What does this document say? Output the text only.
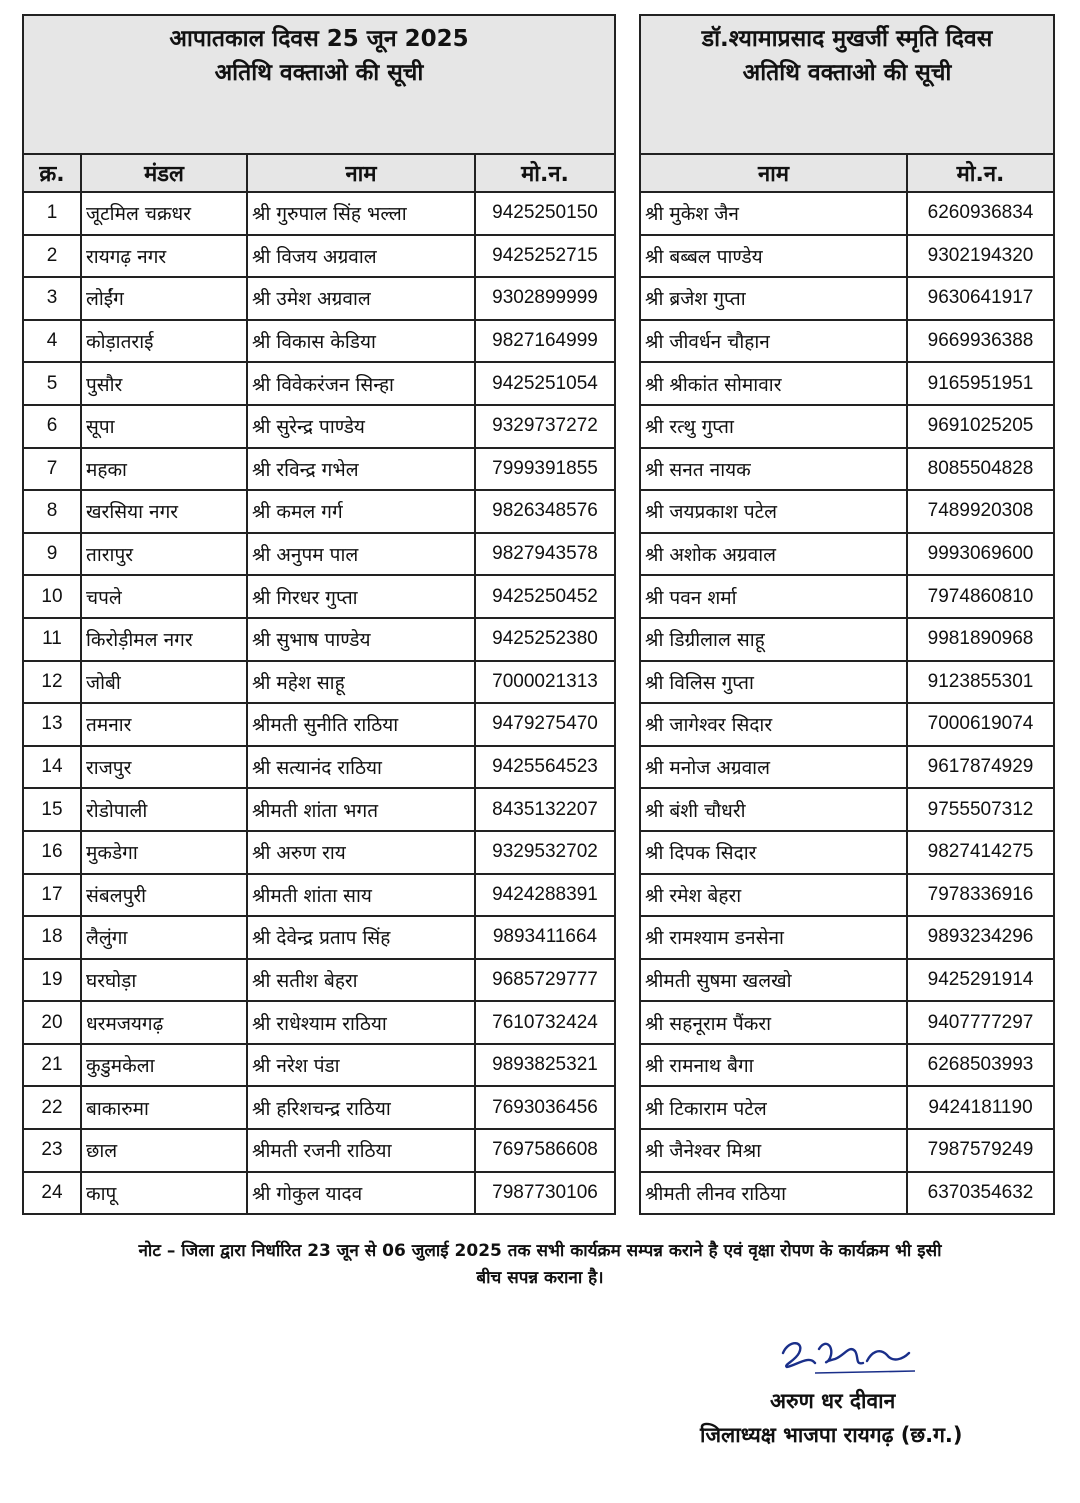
आपातकाल दिवस 25 जून 2025
अतिथि वक्ताओ की सूची			

क्र.	मंडल	नाम	मो.न.
1	जूटमिल चक्रधर	श्री गुरुपाल सिंह भल्ला	9425250150
2	रायगढ़ नगर	श्री विजय अग्रवाल	9425252715
3	लोईंग	श्री उमेश अग्रवाल	9302899999
4	कोड़ातराई	श्री विकास केडिया	9827164999
5	पुसौर	श्री विवेकरंजन सिन्हा	9425251054
6	सूपा	श्री सुरेन्द्र पाण्डेय	9329737272
7	महका	श्री रविन्द्र गभेल	7999391855
8	खरसिया नगर	श्री कमल गर्ग	9826348576
9	तारापुर	श्री अनुपम पाल	9827943578
10	चपले	श्री गिरधर गुप्ता	9425250452
11	किरोड़ीमल नगर	श्री सुभाष पाण्डेय	9425252380
12	जोबी	श्री महेश साहू	7000021313
13	तमनार	श्रीमती सुनीति राठिया	9479275470
14	राजपुर	श्री सत्यानंद राठिया	9425564523
15	रोडोपाली	श्रीमती शांता भगत	8435132207
16	मुकडेगा	श्री अरुण राय	9329532702
17	संबलपुरी	श्रीमती शांता साय	9424288391
18	लैलुंगा	श्री देवेन्द्र प्रताप सिंह	9893411664
19	घरघोड़ा	श्री सतीश बेहरा	9685729777
20	धरमजयगढ़	श्री राधेश्याम राठिया	7610732424
21	कुडुमकेला	श्री नरेश पंडा	9893825321
22	बाकारुमा	श्री हरिशचन्द्र राठिया	7693036456
23	छाल	श्रीमती रजनी राठिया	7697586608
24	कापू	श्री गोकुल यादव	7987730106
डॉ.श्यामाप्रसाद मुखर्जी स्मृति दिवस
अतिथि वक्ताओ की सूची	

नाम	मो.न.
श्री मुकेश जैन	6260936834
श्री बब्बल पाण्डेय	9302194320
श्री ब्रजेश गुप्ता	9630641917
श्री जीवर्धन चौहान	9669936388
श्री श्रीकांत सोमावार	9165951951
श्री रत्थु गुप्ता	9691025205
श्री सनत नायक	8085504828
श्री जयप्रकाश पटेल	7489920308
श्री अशोक अग्रवाल	9993069600
श्री पवन शर्मा	7974860810
श्री डिग्रीलाल साहू	9981890968
श्री विलिस गुप्ता	9123855301
श्री जागेश्वर सिदार	7000619074
श्री मनोज अग्रवाल	9617874929
श्री बंशी चौधरी	9755507312
श्री दिपक सिदार	9827414275
श्री रमेश बेहरा	7978336916
श्री रामश्याम डनसेना	9893234296
श्रीमती सुषमा खलखो	9425291914
श्री सहनूराम पैंकरा	9407777297
श्री रामनाथ बैगा	6268503993
श्री टिकाराम पटेल	9424181190
श्री जैनेश्वर मिश्रा	7987579249
श्रीमती लीनव राठिया	6370354632
नोट – जिला द्वारा निर्धारित 23 जून से 06 जुलाई 2025 तक सभी कार्यक्रम सम्पन्न कराने है एवं वृक्षा रोपण के कार्यक्रम भी इसी
बीच सपन्न कराना है।
अरुण धर दीवान
जिलाध्यक्ष भाजपा रायगढ़ (छ.ग.)
